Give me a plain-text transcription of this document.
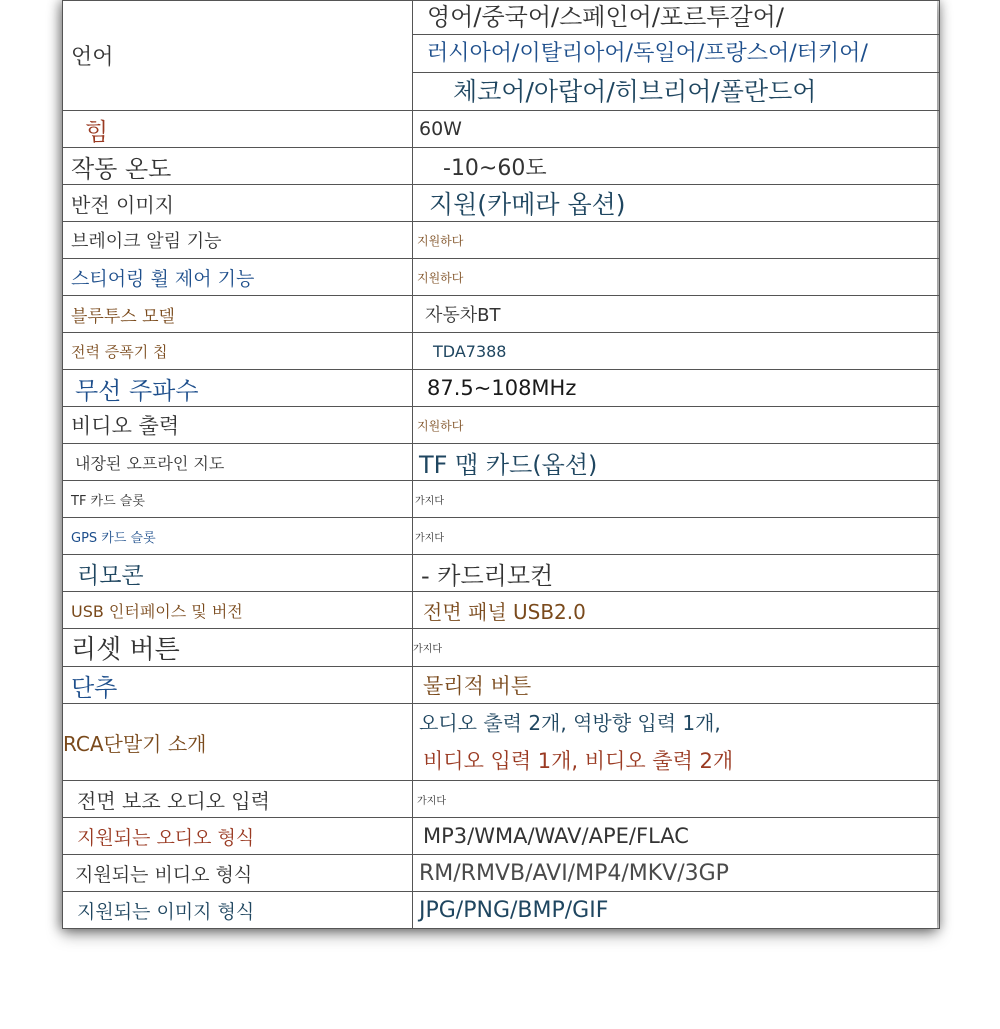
언어	영어/중국어/스페인어/포르투갈어/
러시아어/이탈리아어/독일어/프랑스어/터키어/
체코어/아랍어/히브리어/폴란드어

힘	60W

작동 온도	-10~60도

반전 이미지	지원(카메라 옵션)

브레이크 알림 기능	지원하다

스티어링 휠 제어 기능	지원하다

블루투스 모델	자동차BT

전력 증폭기 칩	TDA7388

무선 주파수	87.5~108MHz

비디오 출력	지원하다

내장된 오프라인 지도	TF 맵 카드(옵션)

TF 카드 슬롯	가지다

GPS 카드 슬롯	가지다

리모콘	- 카드리모컨

USB 인터페이스 및 버전	전면 패널 USB2.0

리셋 버튼	가지다

단추	물리적 버튼

RCA단말기 소개	오디오 출력 2개, 역방향 입력 1개,
비디오 입력 1개, 비디오 출력 2개

전면 보조 오디오 입력	가지다

지원되는 오디오 형식	MP3/WMA/WAV/APE/FLAC

지원되는 비디오 형식	RM/RMVB/AVI/MP4/MKV/3GP

지원되는 이미지 형식	JPG/PNG/BMP/GIF
